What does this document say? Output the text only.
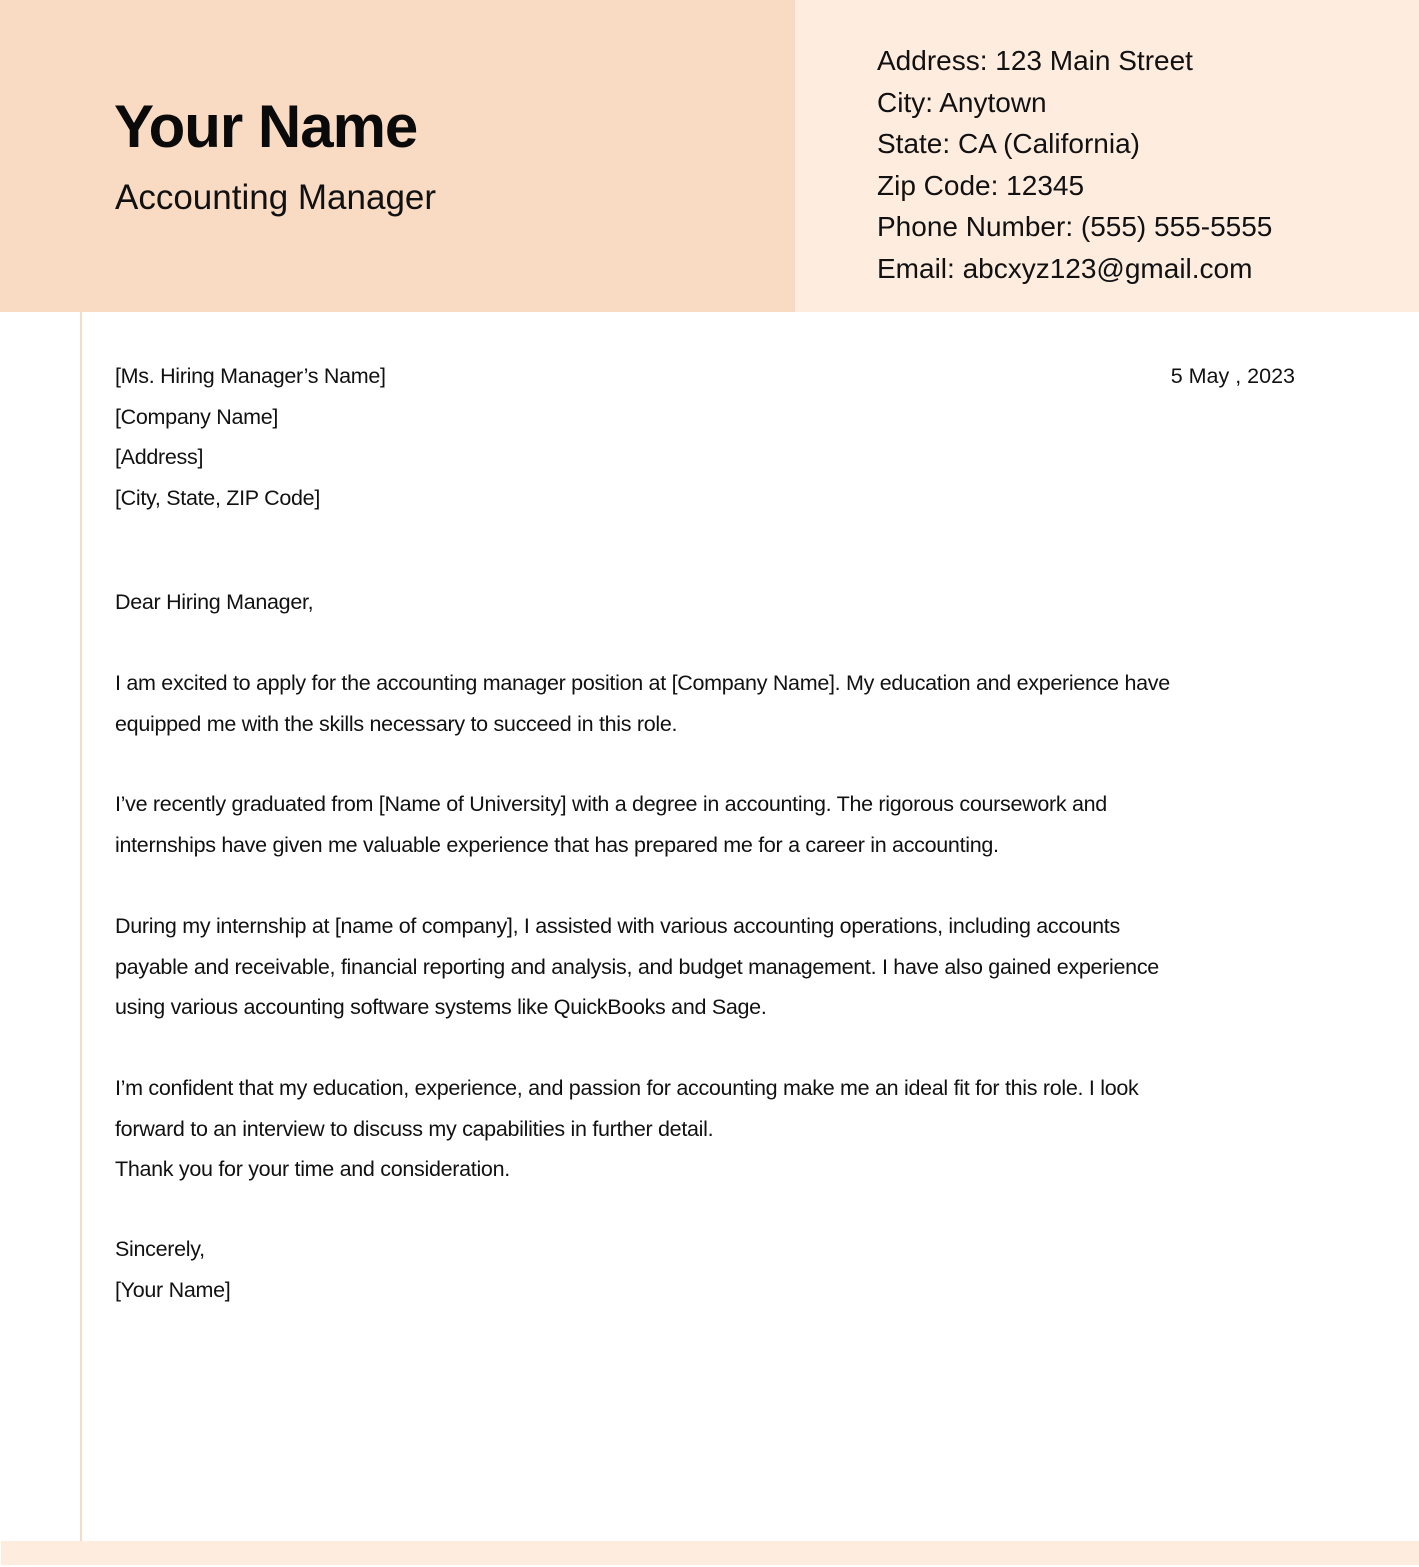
Your Name
Accounting Manager
Address: 123 Main Street
City: Anytown
State: CA (California)
Zip Code: 12345
Phone Number: (555) 555-5555
Email: abcxyz123@gmail.com
[Ms. Hiring Manager’s Name]
[Company Name]
[Address]
[City, State, ZIP Code]
5 May , 2023
Dear Hiring Manager,
I am excited to apply for the accounting manager position at [Company Name]. My education and experience have
equipped me with the skills necessary to succeed in this role.
I’ve recently graduated from [Name of University] with a degree in accounting. The rigorous coursework and
internships have given me valuable experience that has prepared me for a career in accounting.
During my internship at [name of company], I assisted with various accounting operations, including accounts
payable and receivable, financial reporting and analysis, and budget management. I have also gained experience
using various accounting software systems like QuickBooks and Sage.
I’m confident that my education, experience, and passion for accounting make me an ideal fit for this role. I look
forward to an interview to discuss my capabilities in further detail.
Thank you for your time and consideration.
Sincerely,
[Your Name]
